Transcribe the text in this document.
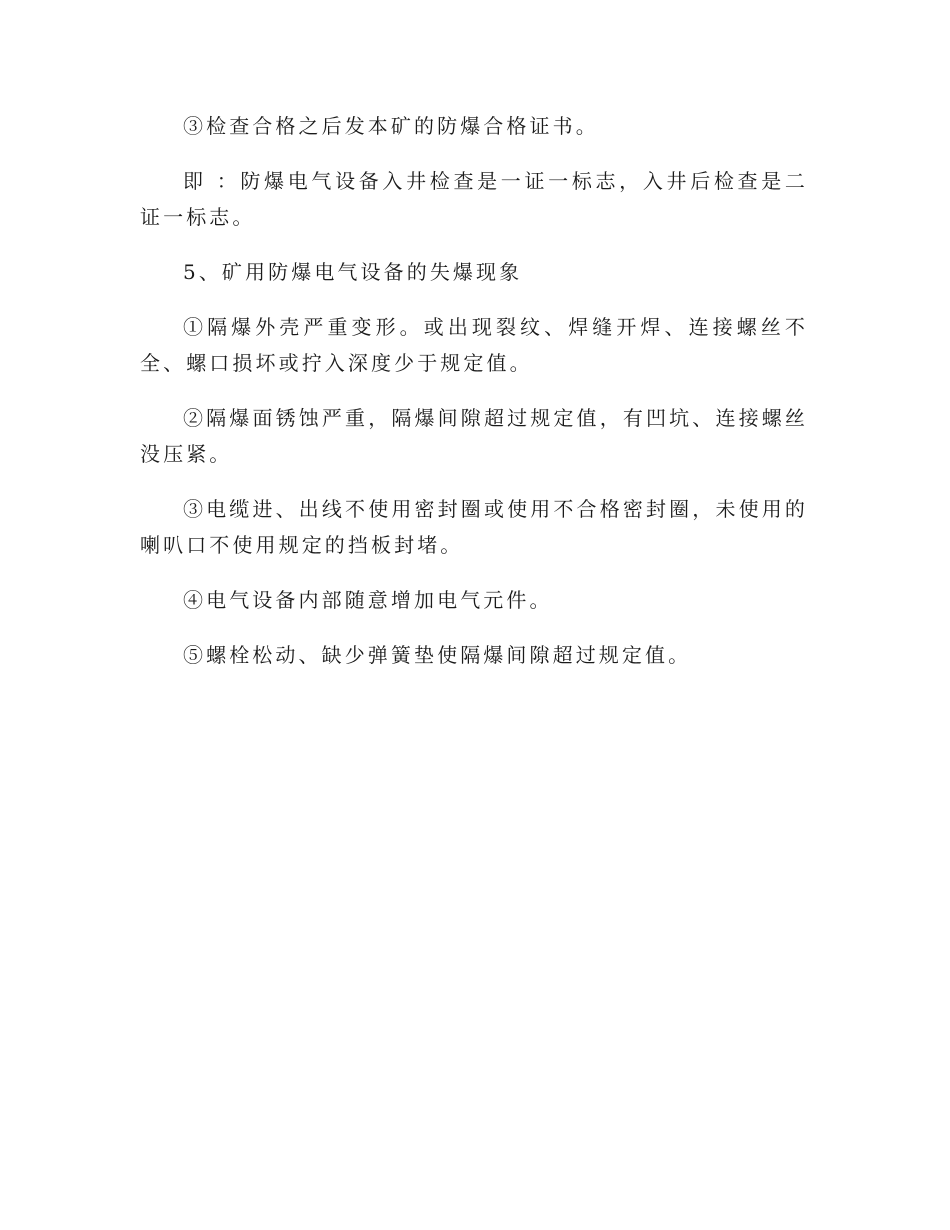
③检查合格之后发本矿的防爆合格证书。

即 ：防爆电气设备入井检查是一证一标志，入井后检查是二证一标志。

5、矿用防爆电气设备的失爆现象

①隔爆外壳严重变形。或出现裂纹、焊缝开焊、连接螺丝不全、螺口损坏或拧入深度少于规定值。

②隔爆面锈蚀严重，隔爆间隙超过规定值，有凹坑、连接螺丝没压紧。

③电缆进、出线不使用密封圈或使用不合格密封圈，未使用的喇叭口不使用规定的挡板封堵。

④电气设备内部随意增加电气元件。

⑤螺栓松动、缺少弹簧垫使隔爆间隙超过规定值。
